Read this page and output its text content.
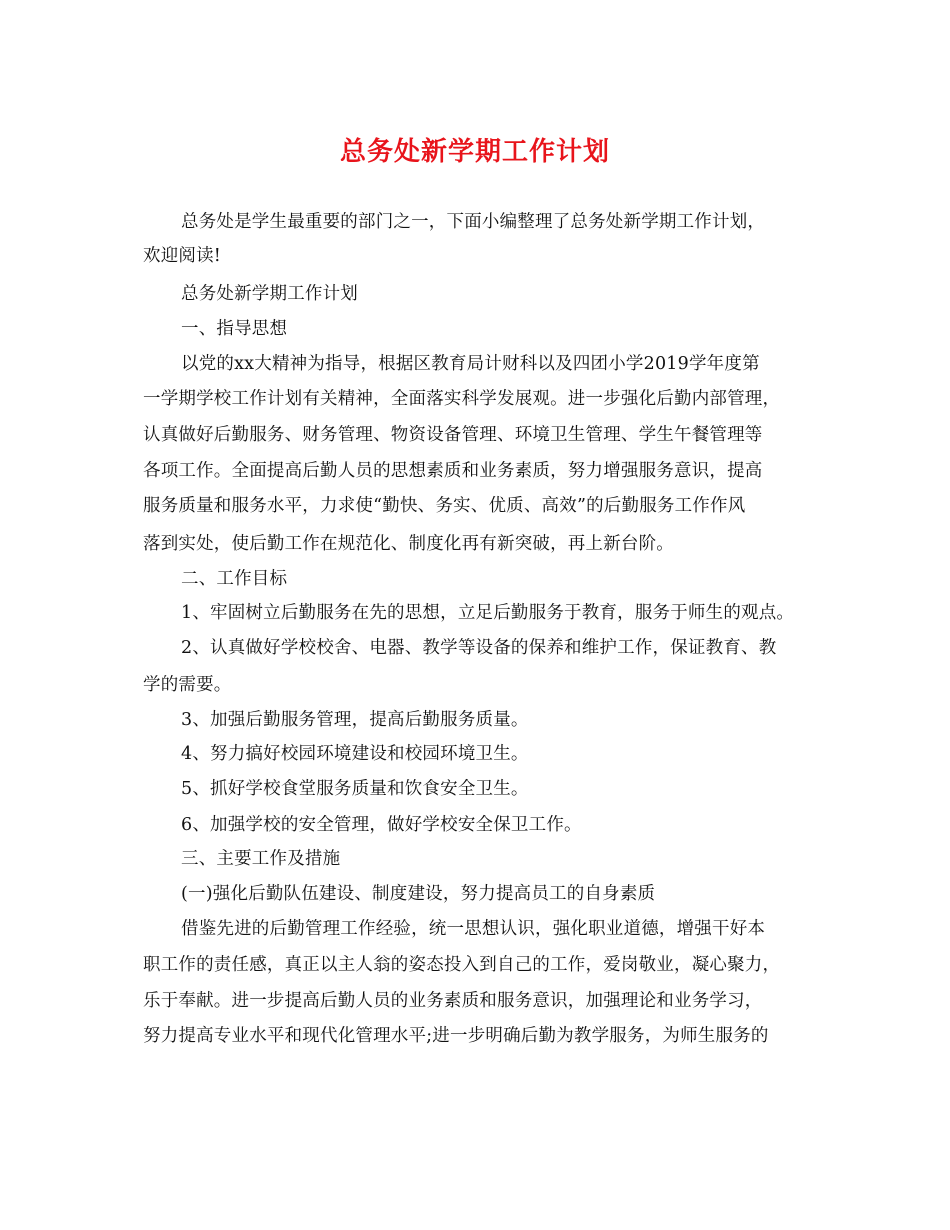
总务处新学期工作计划
总务处是学生最重要的部门之一，下面小编整理了总务处新学期工作计划，
欢迎阅读!
总务处新学期工作计划
一、指导思想
以党的xx大精神为指导，根据区教育局计财科以及四团小学2019学年度第
一学期学校工作计划有关精神，全面落实科学发展观。进一步强化后勤内部管理，
认真做好后勤服务、财务管理、物资设备管理、环境卫生管理、学生午餐管理等
各项工作。全面提高后勤人员的思想素质和业务素质，努力增强服务意识，提高
服务质量和服务水平，力求使“勤快、务实、优质、高效”的后勤服务工作作风
落到实处，使后勤工作在规范化、制度化再有新突破，再上新台阶。
二、工作目标
1、牢固树立后勤服务在先的思想，立足后勤服务于教育，服务于师生的观点。
2、认真做好学校校舍、电器、教学等设备的保养和维护工作，保证教育、教
学的需要。
3、加强后勤服务管理，提高后勤服务质量。
4、努力搞好校园环境建设和校园环境卫生。
5、抓好学校食堂服务质量和饮食安全卫生。
6、加强学校的安全管理，做好学校安全保卫工作。
三、主要工作及措施
(一)强化后勤队伍建设、制度建设，努力提高员工的自身素质
借鉴先进的后勤管理工作经验，统一思想认识，强化职业道德，增强干好本
职工作的责任感，真正以主人翁的姿态投入到自己的工作，爱岗敬业，凝心聚力，
乐于奉献。进一步提高后勤人员的业务素质和服务意识，加强理论和业务学习，
努力提高专业水平和现代化管理水平;进一步明确后勤为教学服务，为师生服务的
